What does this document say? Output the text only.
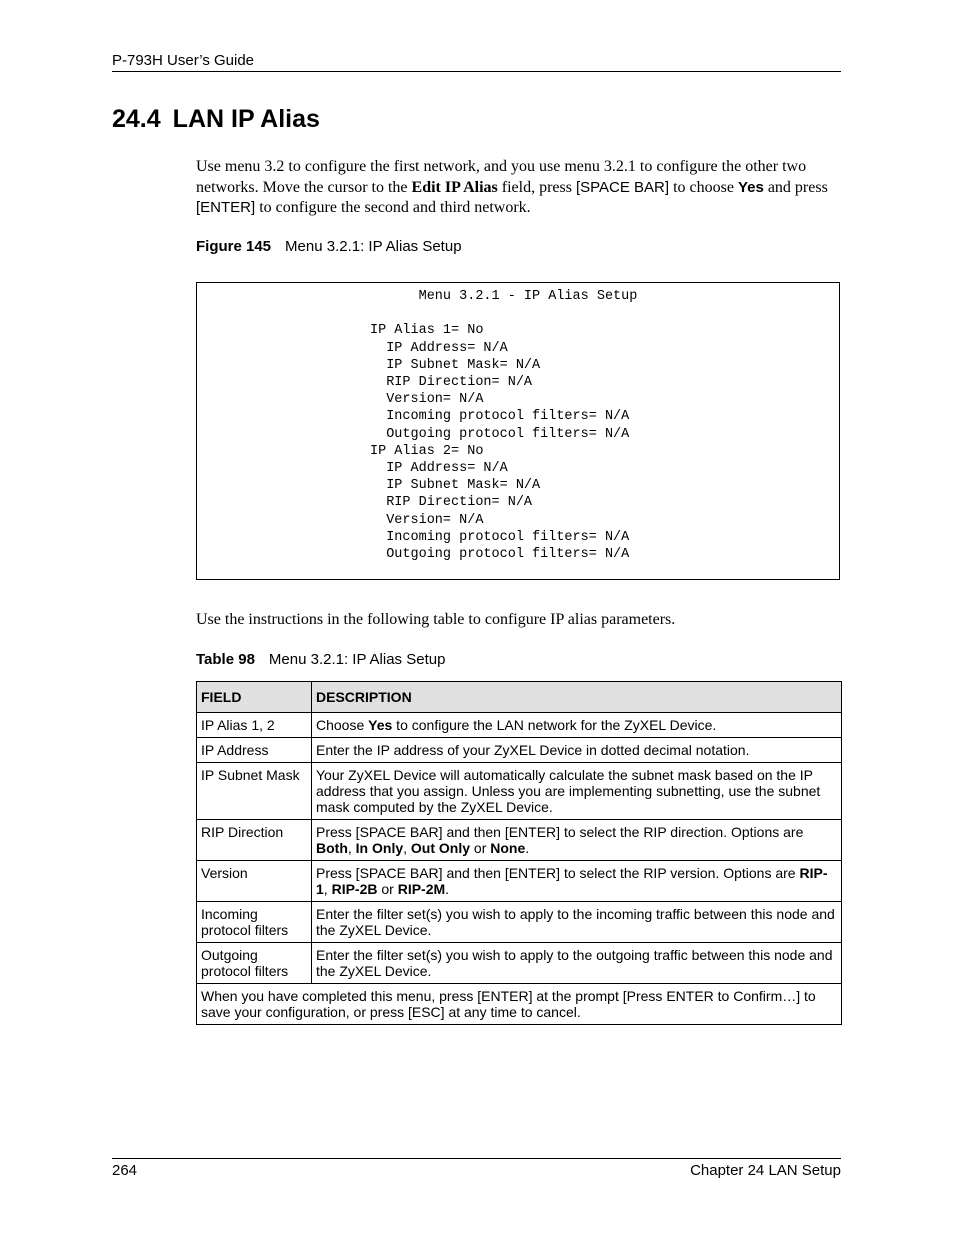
P-793H User’s Guide
24.4 LAN IP Alias

Use menu 3.2 to configure the first network, and you use menu 3.2.1 to configure the other two networks. Move the cursor to the Edit IP Alias field, press [SPACE BAR] to choose Yes and press [ENTER] to configure the second and third network.

Figure 145 Menu 3.2.1: IP Alias Setup
Menu 3.2.1 - IP Alias Setup

IP Alias 1= No
IP Address= N/A
IP Subnet Mask= N/A
RIP Direction= N/A
Version= N/A
Incoming protocol filters= N/A
Outgoing protocol filters= N/A
IP Alias 2= No
IP Address= N/A
IP Subnet Mask= N/A
RIP Direction= N/A
Version= N/A
Incoming protocol filters= N/A
Outgoing protocol filters= N/A

Use the instructions in the following table to configure IP alias parameters.

Table 98 Menu 3.2.1: IP Alias Setup
FIELD	DESCRIPTION
IP Alias 1, 2	Choose Yes to configure the LAN network for the ZyXEL Device.
IP Address	Enter the IP address of your ZyXEL Device in dotted decimal notation.
IP Subnet Mask	Your ZyXEL Device will automatically calculate the subnet mask based on the IP address that you assign. Unless you are implementing subnetting, use the subnet mask computed by the ZyXEL Device.
RIP Direction	Press [SPACE BAR] and then [ENTER] to select the RIP direction. Options are Both, In Only, Out Only or None.
Version	Press [SPACE BAR] and then [ENTER] to select the RIP version. Options are RIP-1, RIP-2B or RIP-2M.
Incoming protocol filters	Enter the filter set(s) you wish to apply to the incoming traffic between this node and the ZyXEL Device.
Outgoing protocol filters	Enter the filter set(s) you wish to apply to the outgoing traffic between this node and the ZyXEL Device.
When you have completed this menu, press [ENTER] at the prompt [Press ENTER to Confirm…] to save your configuration, or press [ESC] at any time to cancel.	
264	Chapter 24 LAN Setup
